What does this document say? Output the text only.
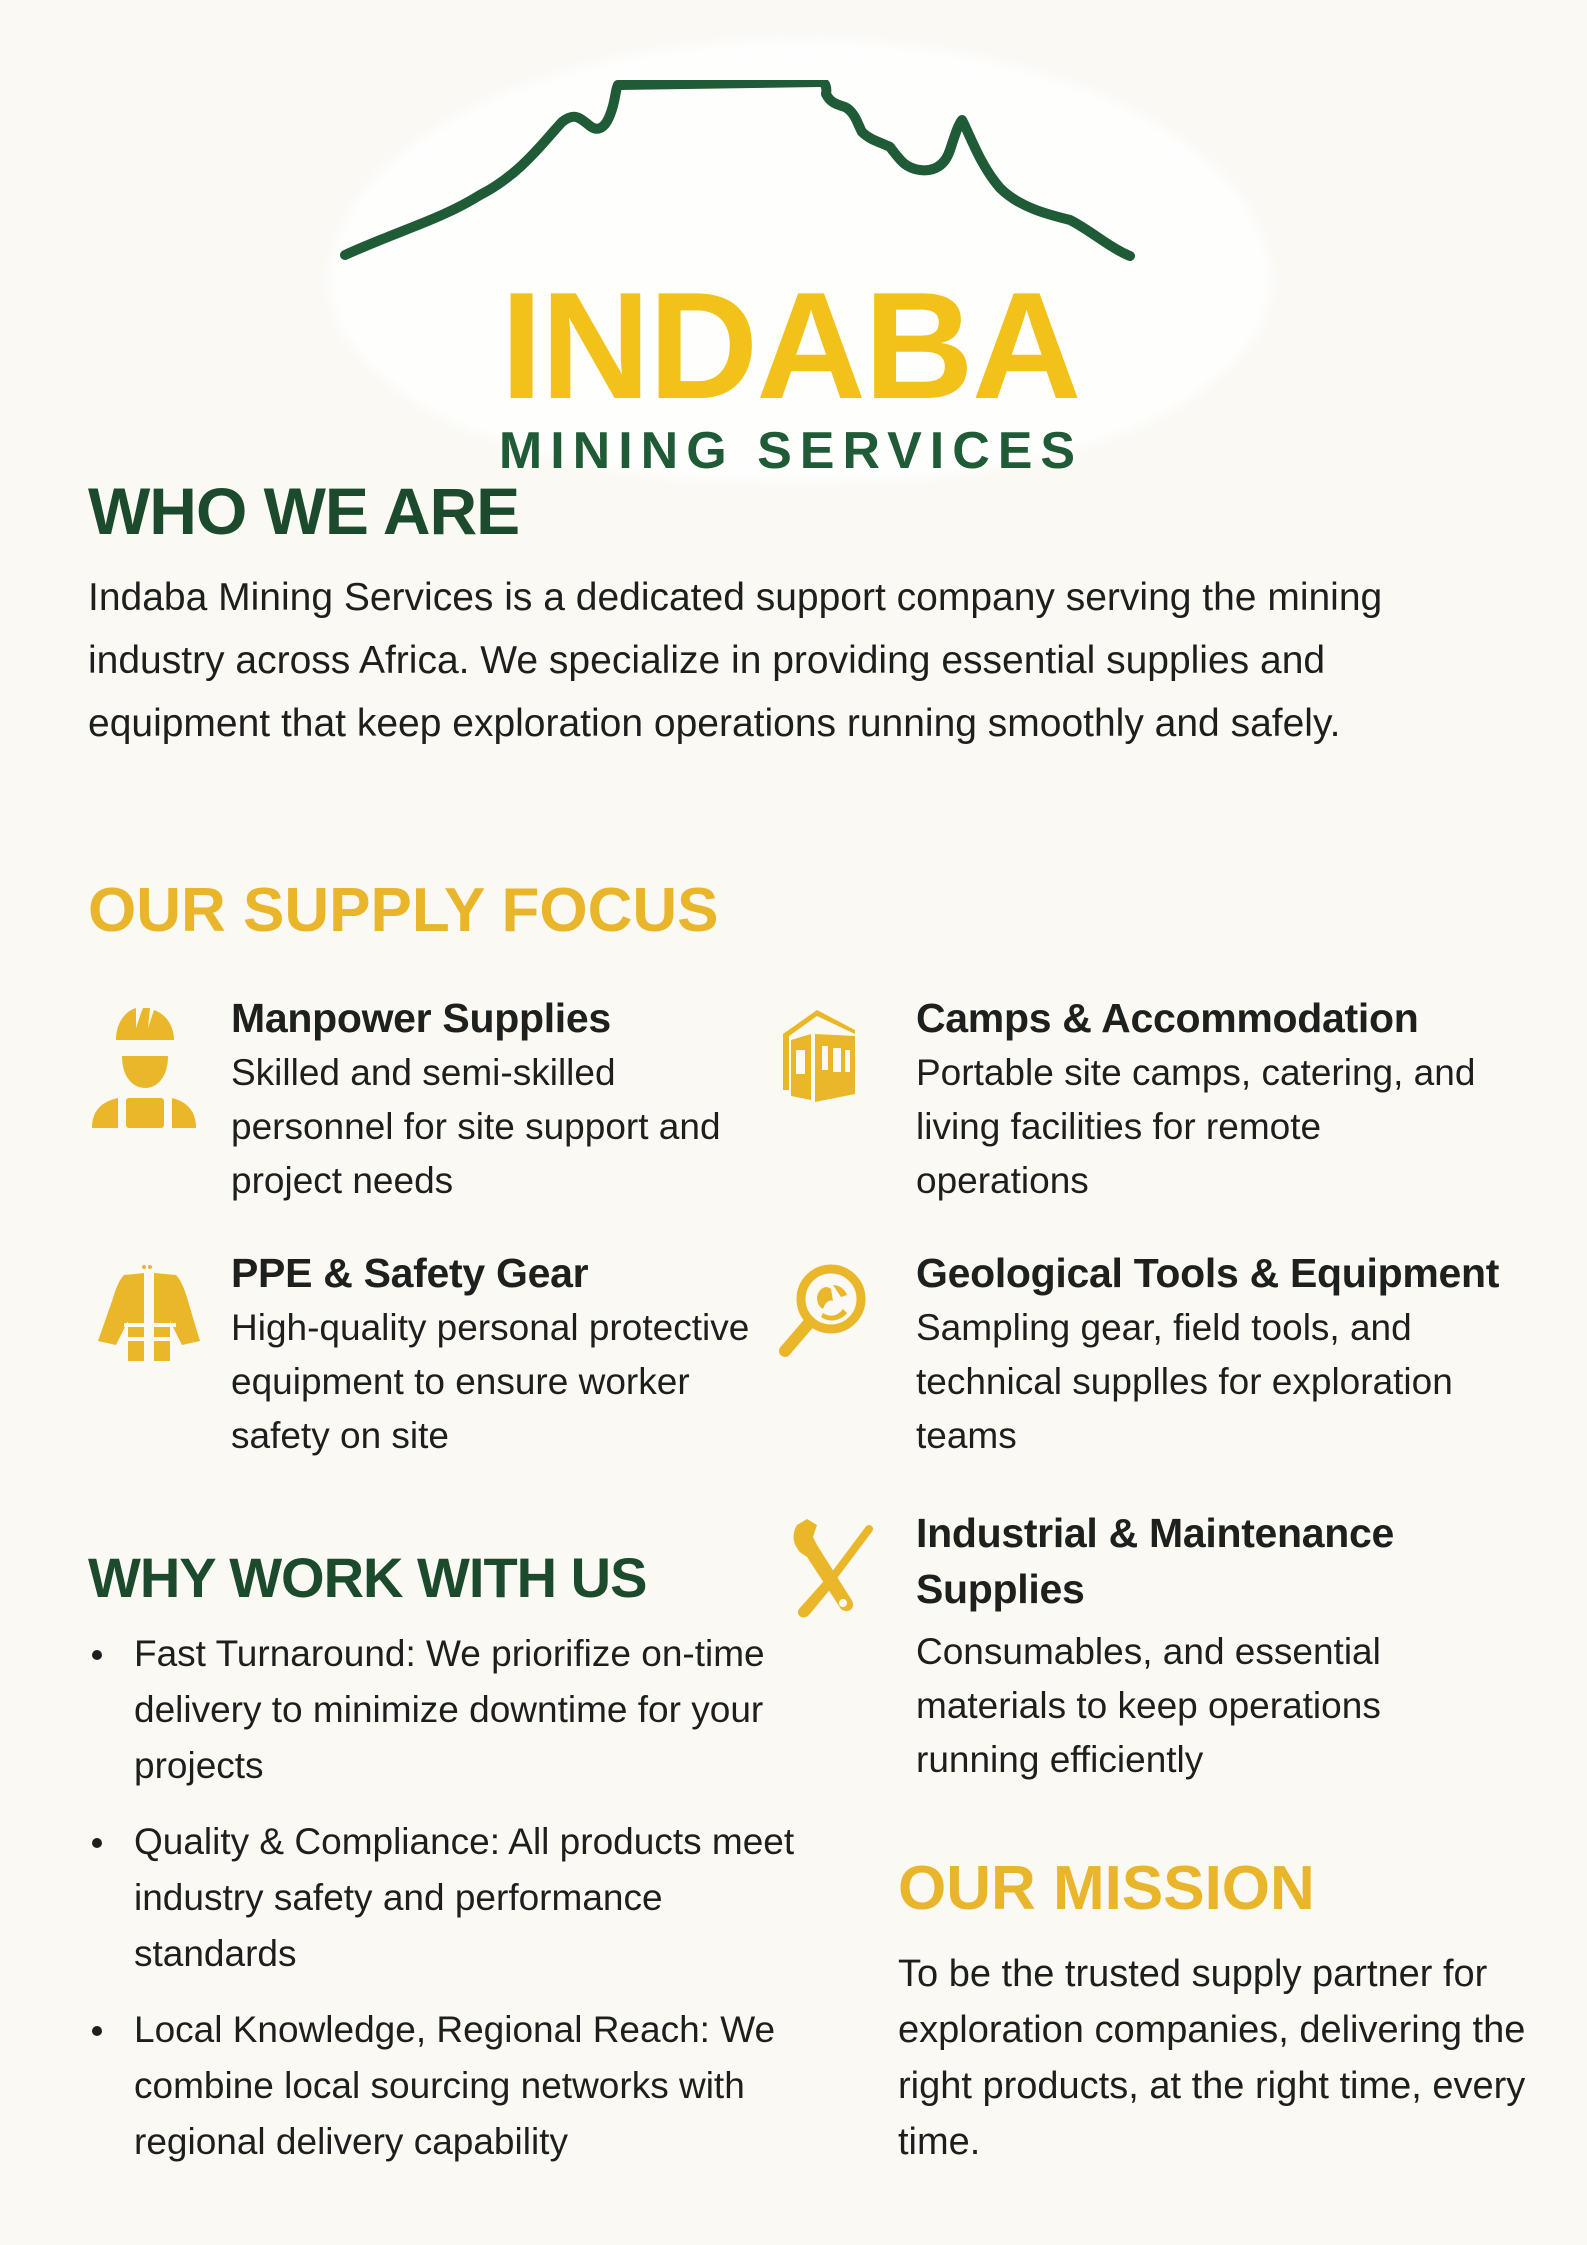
INDABA
MINING SERVICES
WHO WE ARE

Indaba Mining Services is a dedicated support company serving the mining industry across Africa. We specialize in providing essential supplies and equipment that keep exploration operations running smoothly and safely.

OUR SUPPLY FOCUS
Manpower Supplies

Skilled and semi-skilled personnel for site support and project needs

Camps & Accommodation

Portable site camps, catering, and living facilities for remote operations

PPE & Safety Gear

High-quality personal protective equipment to ensure worker safety on site

Geological Tools & Equipment

Sampling gear, field tools, and technical supplles for exploration teams

Industrial & Maintenance Supplies

Consumables, and essential materials to keep operations running efficiently

WHY WORK WITH US
Fast Turnaround: We priorifize on-time delivery to minimize downtime for your projects
Quality & Compliance: All products meet industry safety and performance standards
Local Knowledge, Regional Reach: We combine local sourcing networks with regional delivery capability
OUR MISSION

To be the trusted supply partner for exploration companies, delivering the right products, at the right time, every time.
